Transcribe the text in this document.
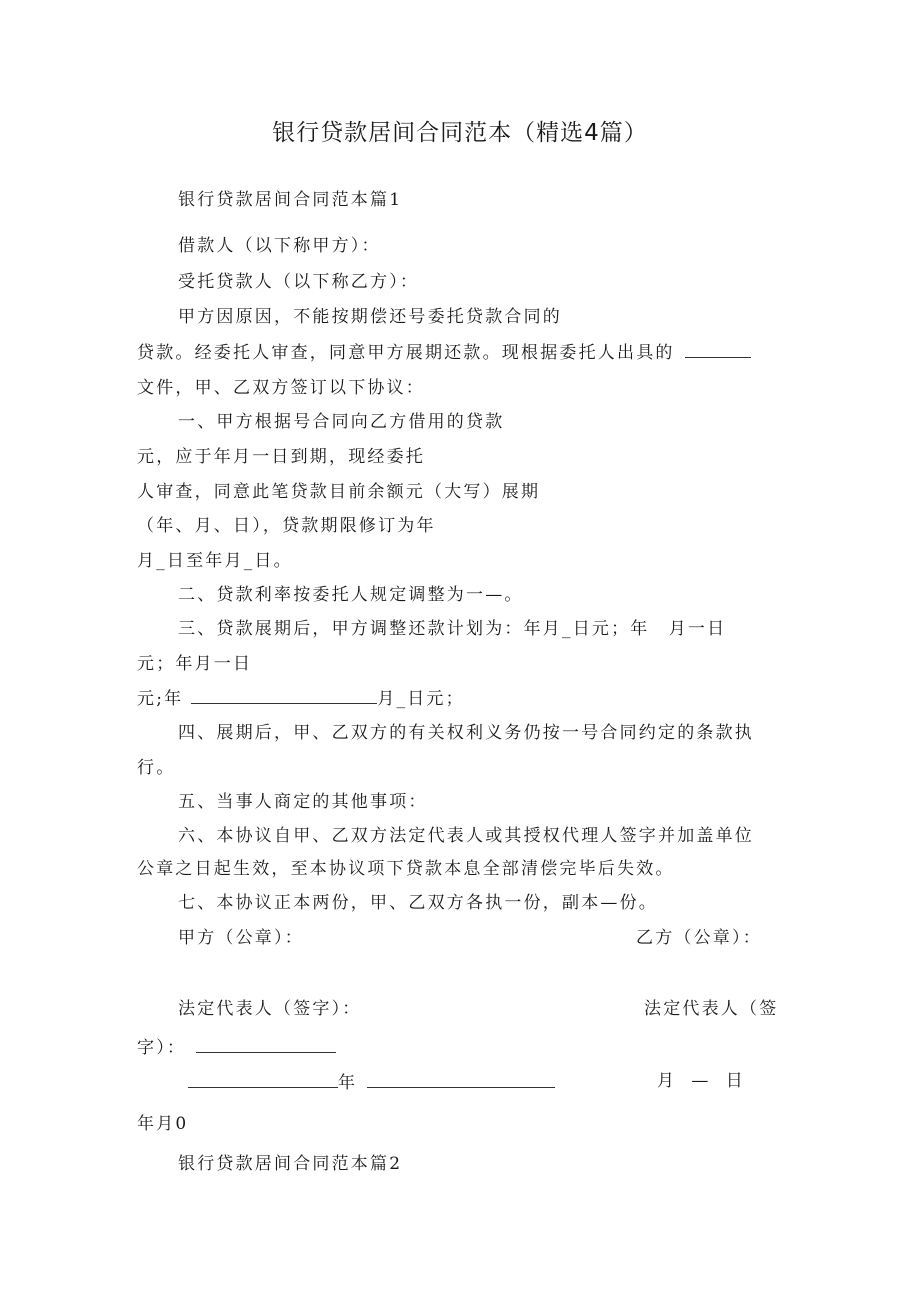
银行贷款居间合同范本（精选4篇）
银行贷款居间合同范本篇1
借款人（以下称甲方）：
受托贷款人（以下称乙方）：
甲方因原因，不能按期偿还号委托贷款合同的
贷款。经委托人审查，同意甲方展期还款。现根据委托人出具的
文件，甲、乙双方签订以下协议：
一、甲方根据号合同向乙方借用的贷款
元，应于年月一日到期，现经委托
人审查，同意此笔贷款目前余额元（大写）展期
（年、月、日），贷款期限修订为年
月_日至年月_日。
二、贷款利率按委托人规定调整为一—。
三、贷款展期后，甲方调整还款计划为：年月_日元；年　月一日
元；年月一日
元;年	月_日元；
四、展期后，甲、乙双方的有关权利义务仍按一号合同约定的条款执
行。
五、当事人商定的其他事项：
六、本协议自甲、乙双方法定代表人或其授权代理人签字并加盖单位
公章之日起生效，至本协议项下贷款本息全部清偿完毕后失效。
七、本协议正本两份，甲、乙双方各执一份，副本—份。
甲方（公章）：	乙方（公章）：
法定代表人（签字）：	法定代表人（签
字）：
年	月 — 日
年月0
银行贷款居间合同范本篇2
